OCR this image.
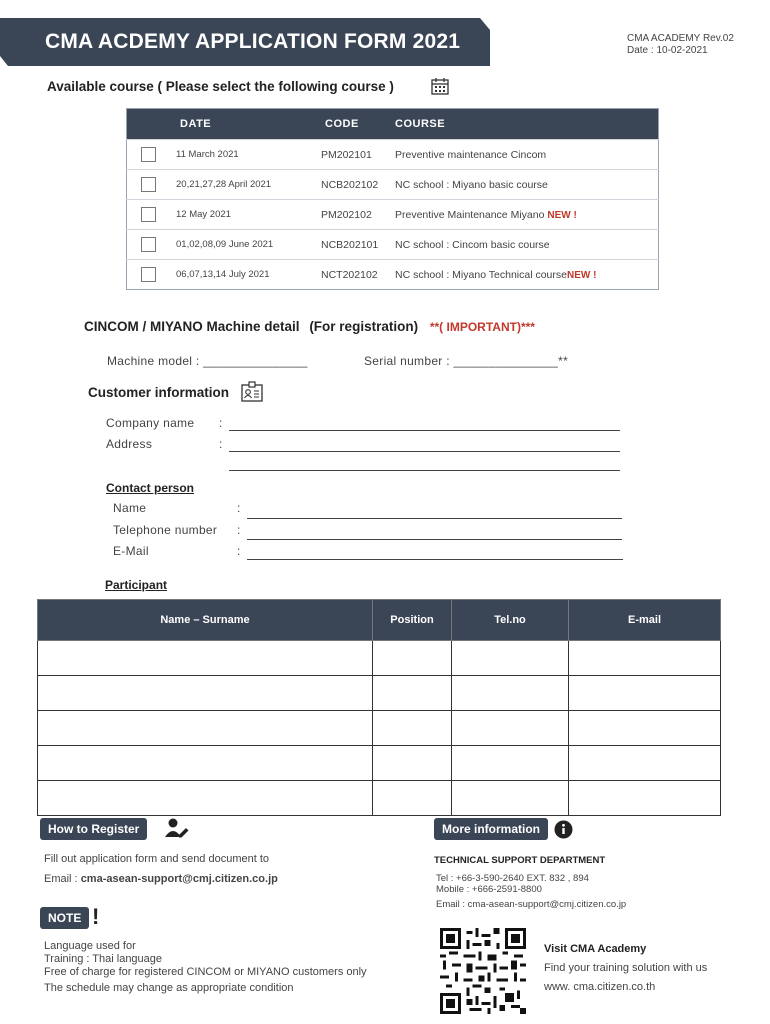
CMA ACDEMY APPLICATION FORM 2021	CMA ACADEMY Rev.02
Date : 10-02-2021
Available course ( Please select the following course )
DATE	CODE	COURSE
11 March 2021	PM202101	Preventive maintenance Cincom
20,21,27,28 April 2021	NCB202102	NC school : Miyano basic course
12 May 2021	PM202102	Preventive Maintenance Miyano NEW !
01,02,08,09 June 2021	NCB202101	NC school : Cincom basic course
06,07,13,14 July 2021	NCT202102	NC school : Miyano Technical courseNEW !
CINCOM / MIYANO Machine detail (For registration) **( IMPORTANT)***
Machine model : _______________	Serial number : _______________**
Customer information
Company name :
Address	:
Contact person
Name	:
Telephone number :
E-Mail	:
Participant
Name – Surname	Position	Tel.no	E-mail

How to Register
Fill out application form and send document to
Email : cma-asean-support@cmj.citizen.co.jp
NOTE !
Language used for
Training : Thai language
Free of charge for registered CINCOM or MIYANO customers only
The schedule may change as appropriate condition
More information
TECHNICAL SUPPORT DEPARTMENT
Tel : +66-3-590-2640 EXT. 832 , 894
Mobile : +666-2591-8800
Email : cma-asean-support@cmj.citizen.co.jp
Visit CMA Academy
Find your training solution with us
www. cma.citizen.co.th
